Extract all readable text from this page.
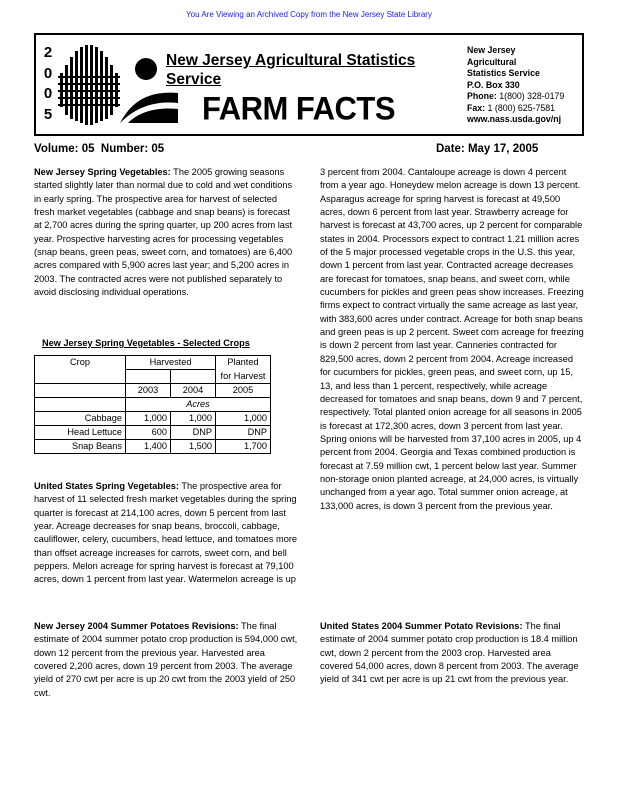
You Are Viewing an Archived Copy from the New Jersey State Library
2
0
0
5
New Jersey Agricultural Statistics Service
FARM FACTS
New Jersey
Agricultural
Statistics Service
P.O. Box 330
Phone: 1(800) 328-0179
Fax: 1 (800) 625-7581
www.nass.usda.gov/nj
Volume: 05  Number: 05	Date: May 17, 2005

New Jersey Spring Vegetables: The 2005 growing seasons started slightly later than normal due to cold and wet conditions in early spring. The prospective area for harvest of selected fresh market vegetables (cabbage and snap beans) is forecast at 2,700 acres during the spring quarter, up 200 acres from last year. Prospective harvesting acres for processing vegetables (snap beans, green peas, sweet corn, and tomatoes) are 6,400 acres compared with 5,900 acres last year; and 5,200 acres in 2003. The contracted acres were not published separately to avoid disclosing individual operations.

New Jersey Spring Vegetables - Selected Crops
Crop	Harvested		Planted
			for Harvest
	2003	2004	2005
	Acres		
Cabbage	1,000	1,000	1,000
Head Lettuce	600	DNP	DNP
Snap Beans	1,400	1,500	1,700

United States Spring Vegetables: The prospective area for harvest of 11 selected fresh market vegetables during the spring quarter is forecast at 214,100 acres, down 5 percent from last year. Acreage decreases for snap beans, broccoli, cabbage, cauliflower, celery, cucumbers, head lettuce, and tomatoes more than offset acreage increases for carrots, sweet corn, and bell peppers. Melon acreage for spring harvest is forecast at 79,100 acres, down 1 percent from last year. Watermelon acreage is up

3 percent from 2004. Cantaloupe acreage is down 4 percent from a year ago. Honeydew melon acreage is down 13 percent. Asparagus acreage for spring harvest is forecast at 49,500 acres, down 6 percent from last year. Strawberry acreage for harvest is forecast at 43,700 acres, up 2 percent for comparable states in 2004. Processors expect to contract 1.21 million acres of the 5 major processed vegetable crops in the U.S. this year, down 1 percent from last year. Contracted acreage decreases are forecast for tomatoes, snap beans, and sweet corn, while cucumbers for pickles and green peas show increases. Freezing firms expect to contract virtually the same acreage as last year, with 383,600 acres under contract. Acreage for both snap beans and green peas is up 2 percent. Sweet corn acreage for freezing is down 2 percent from last year. Canneries contracted for 829,500 acres, down 2 percent from 2004. Acreage increased for cucumbers for pickles, green peas, and sweet corn, up 15, 13, and less than 1 percent, respectively, while acreage decreased for tomatoes and snap beans, down 9 and 7 percent, respectively. Total planted onion acreage for all seasons in 2005 is forecast at 172,300 acres, down 3 percent from last year. Spring onions will be harvested from 37,100 acres in 2005, up 4 percent from 2004. Georgia and Texas combined production is forecast at 7.59 million cwt, 1 percent below last year. Summer non-storage onion planted acreage, at 24,000 acres, is virtually unchanged from a year ago. Total summer onion acreage, at 133,000 acres, is down 3 percent from the previous year.

New Jersey 2004 Summer Potatoes Revisions: The final estimate of 2004 summer potato crop production is 594,000 cwt, down 12 percent from the previous year. Harvested area covered 2,200 acres, down 19 percent from 2003. The average yield of 270 cwt per acre is up 20 cwt from the 2003 yield of 250 cwt.

United States 2004 Summer Potato Revisions: The final estimate of 2004 summer potato crop production is 18.4 million cwt, down 2 percent from the 2003 crop. Harvested area covered 54,000 acres, down 8 percent from 2003. The average yield of 341 cwt per acre is up 21 cwt from the previous year.
